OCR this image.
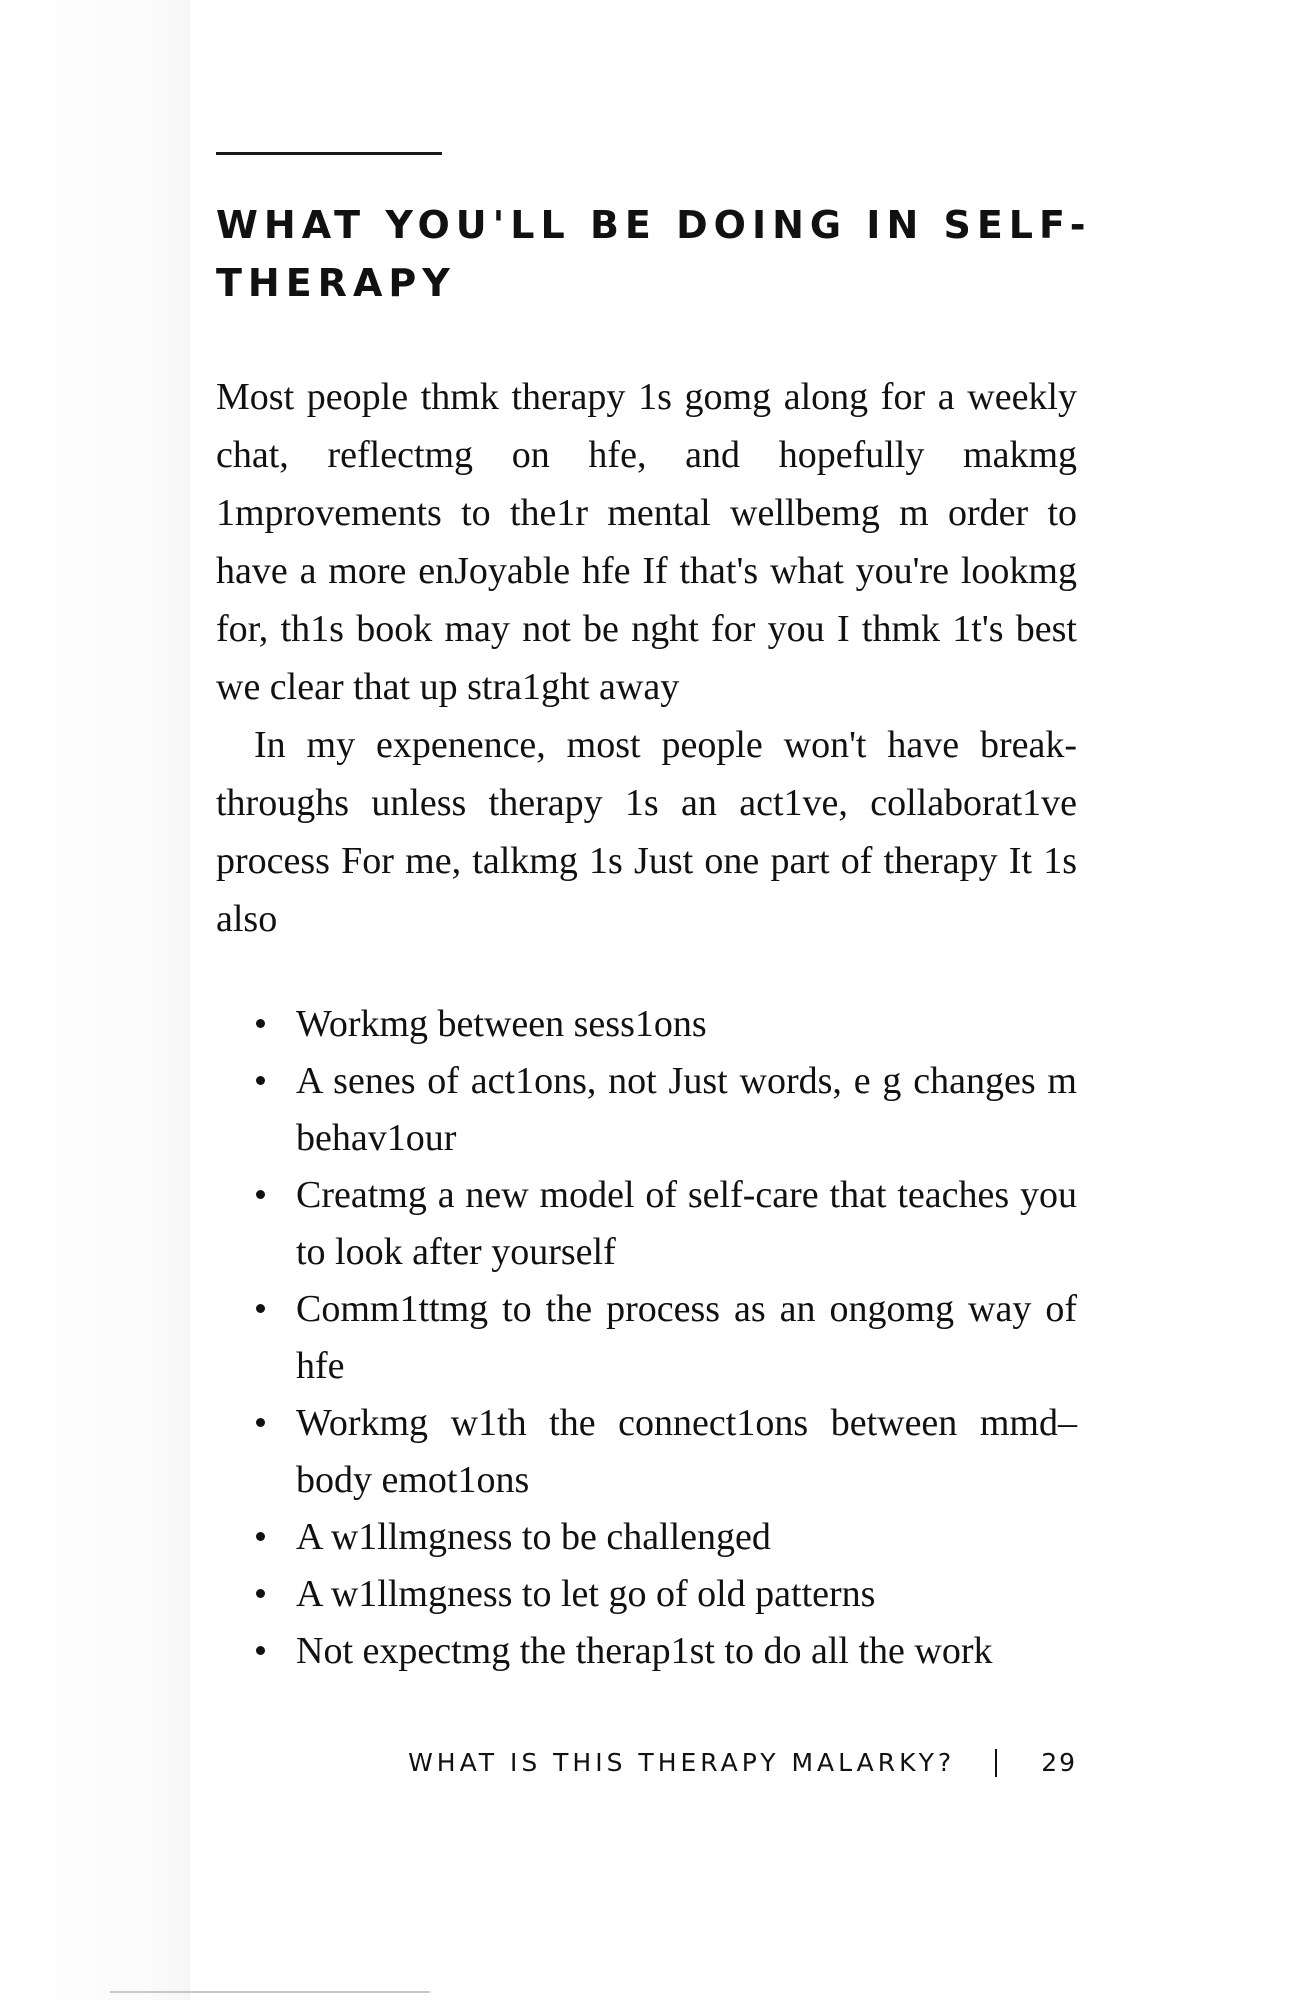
WHAT YOU'LL BE DOING IN SELF-THERAPY

Most people thmk therapy 1s gomg along for a weekly chat, reflectmg on hfe, and hopefully makmg 1mprovements to the1r mental wellbemg m order to have a more enJoyable hfe If that's what you're lookmg for, th1s book may not be nght for you I thmk 1t's best we clear that up stra1ght away

In my expenence, most people won't have break-throughs unless therapy 1s an act1ve, collaborat1ve process For me, talkmg 1s Just one part of therapy It 1s also

Workmg between sess1ons
A senes of act1ons, not Just words, e g changes m behav1our
Creatmg a new model of self-care that teaches you to look after yourself
Comm1ttmg to the process as an ongomg way of hfe
Workmg w1th the connect1ons between mmd–body emot1ons
A w1llmgness to be challenged
A w1llmgness to let go of old patterns
Not expectmg the therap1st to do all the work
WHAT IS THIS THERAPY MALARKY?	29
